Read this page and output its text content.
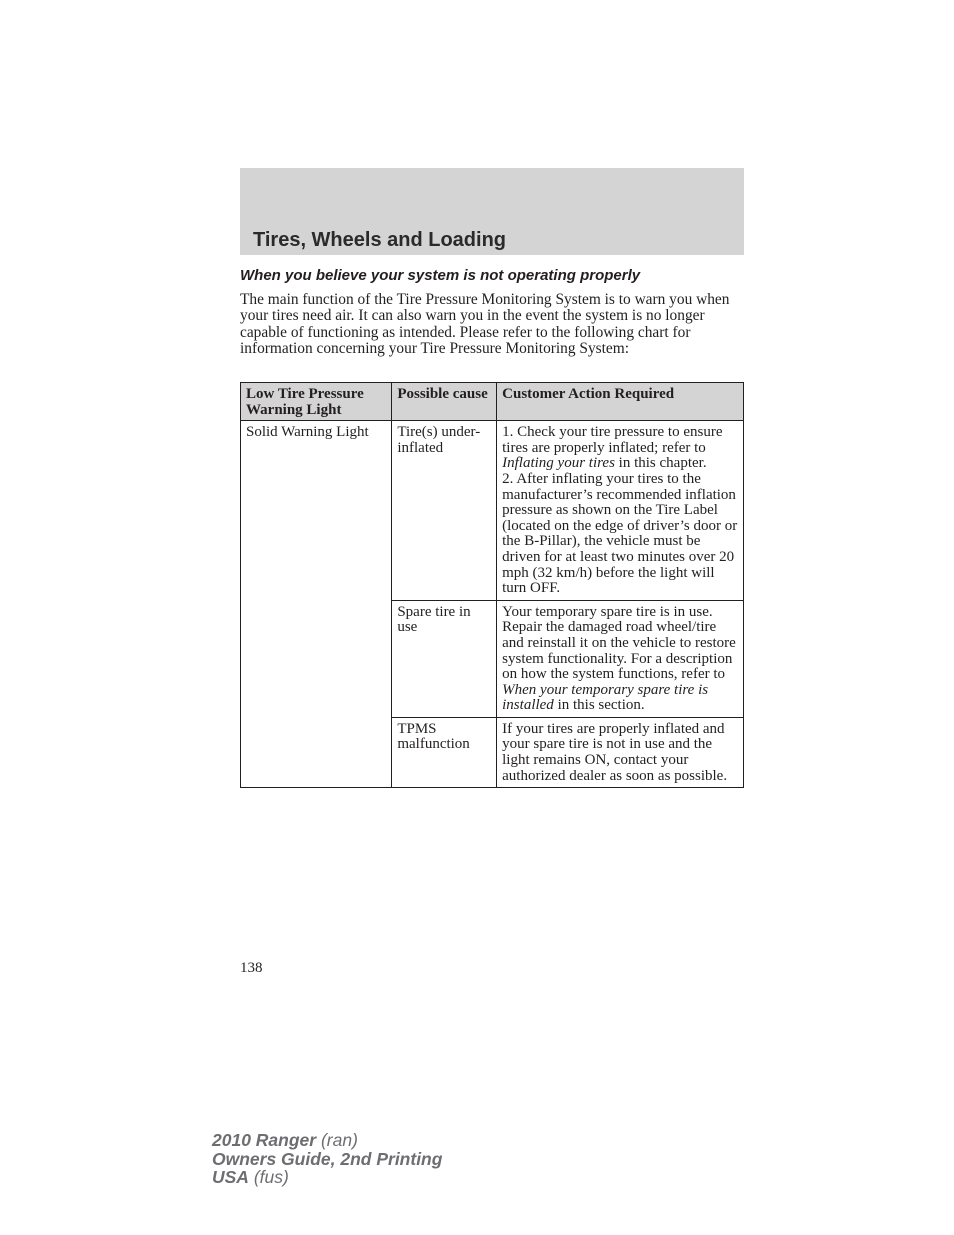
Tires, Wheels and Loading
When you believe your system is not operating properly

The main function of the Tire Pressure Monitoring System is to warn you when your tires need air. It can also warn you in the event the system is no longer capable of functioning as intended. Please refer to the following chart for information concerning your Tire Pressure Monitoring System:

Low Tire Pressure Warning Light	Possible cause	Customer Action Required
Solid Warning Light	Tire(s) under-inflated	1. Check your tire pressure to ensure tires are properly inflated; refer to Inflating your tires in this chapter.
2. After inflating your tires to the manufacturer’s recommended inflation pressure as shown on the Tire Label (located on the edge of driver’s door or the B-Pillar), the vehicle must be driven for at least two minutes over 20 mph (32 km/h) before the light will turn OFF.
	Spare tire in use	Your temporary spare tire is in use. Repair the damaged road wheel/tire and reinstall it on the vehicle to restore system functionality. For a description on how the system functions, refer to When your temporary spare tire is installed in this section.
	TPMS malfunction	If your tires are properly inflated and your spare tire is not in use and the light remains ON, contact your authorized dealer as soon as possible.
138
2010 Ranger (ran)
Owners Guide, 2nd Printing
USA (fus)
